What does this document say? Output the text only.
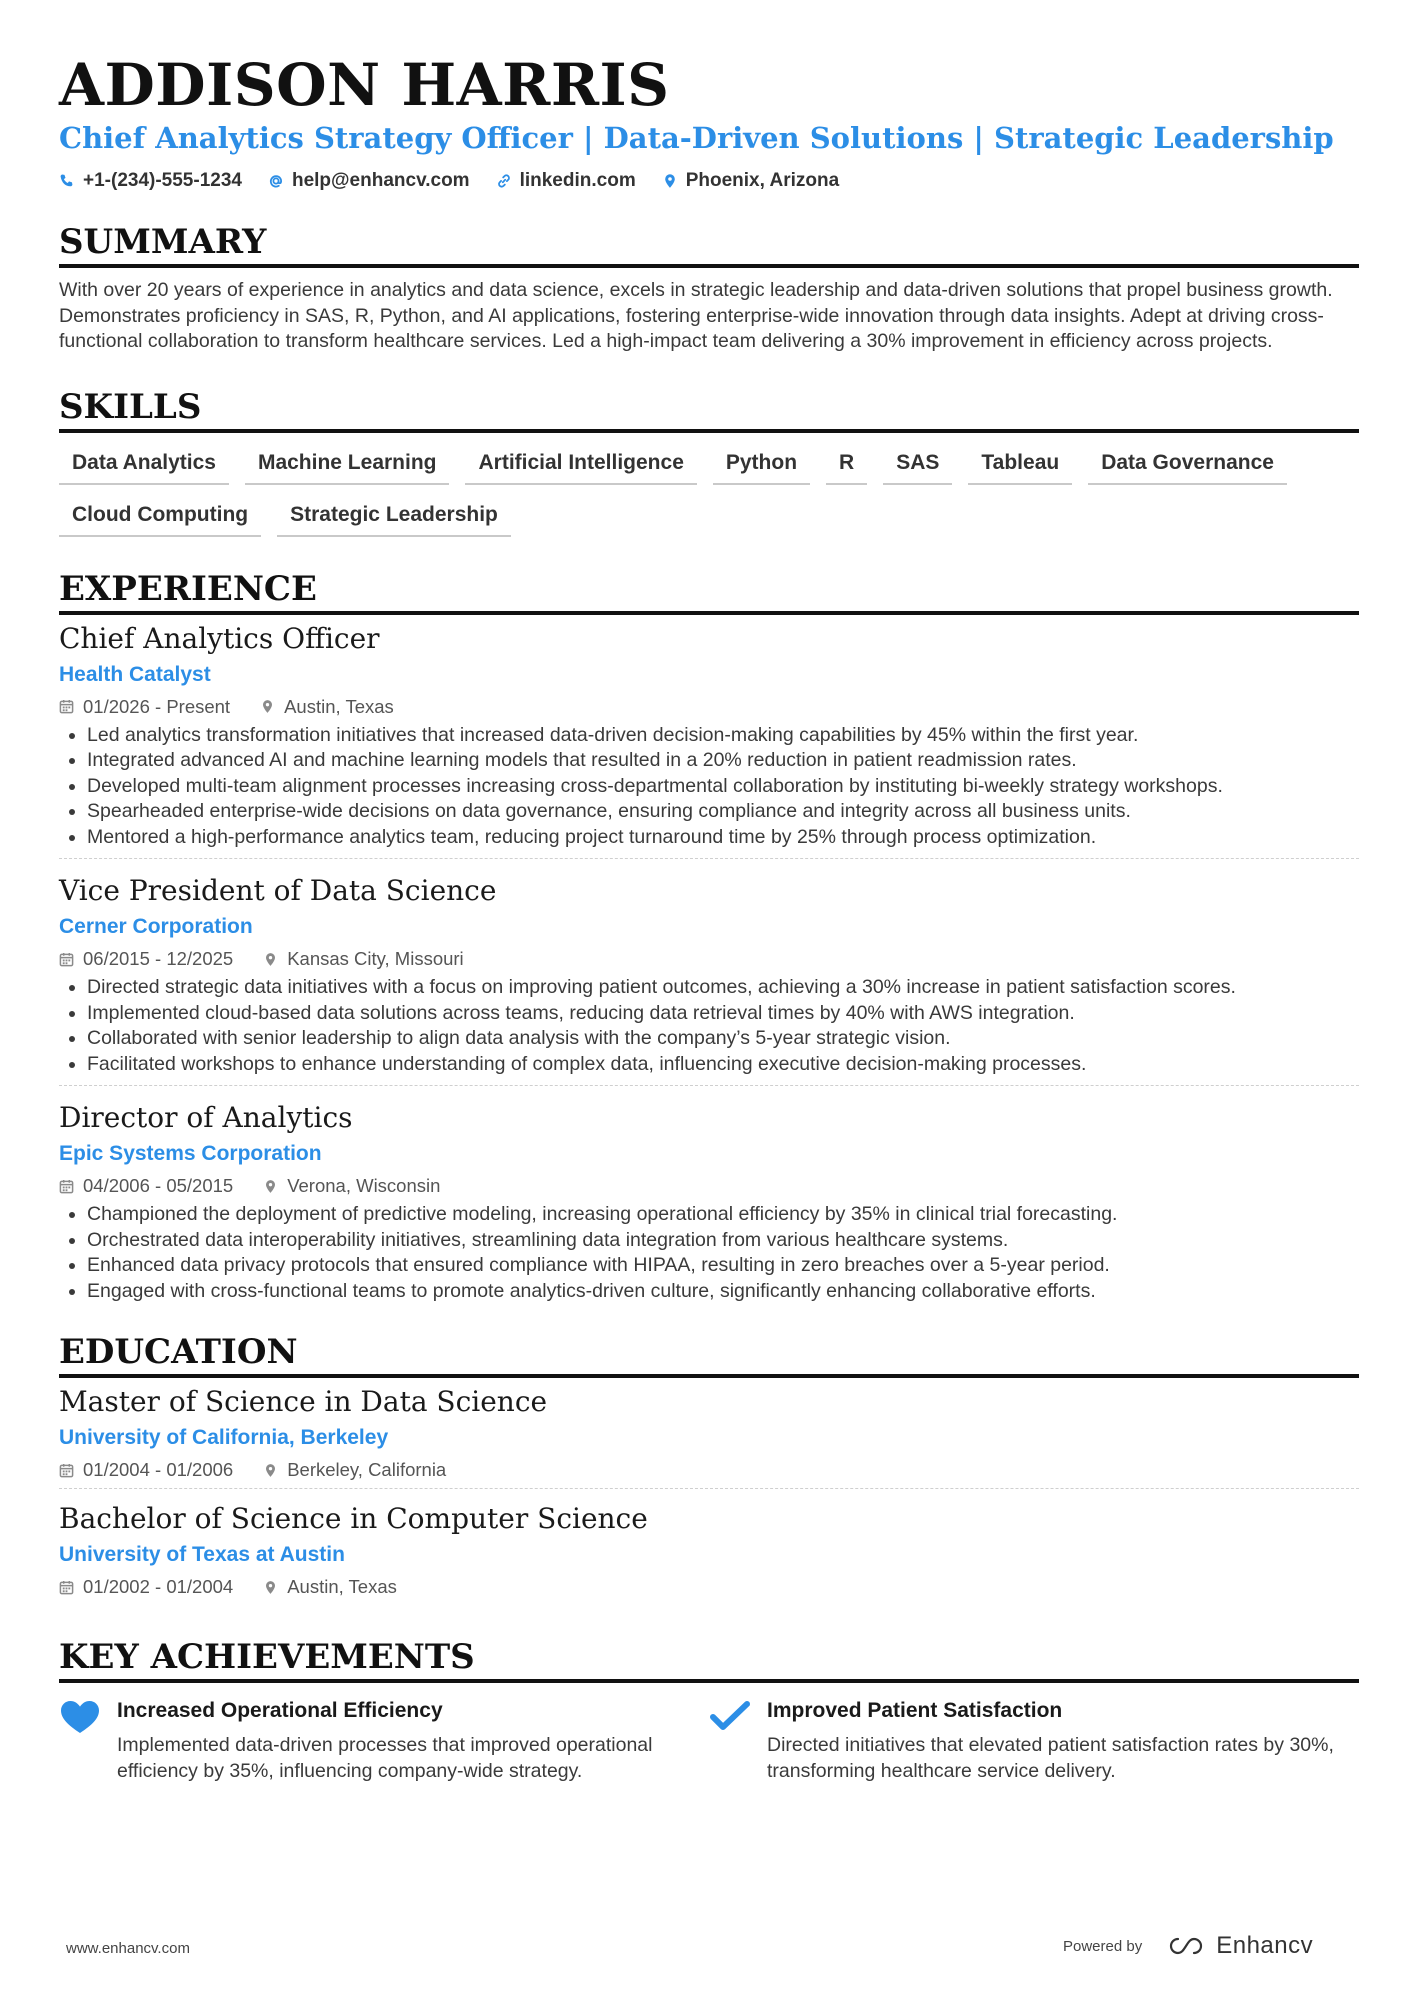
ADDISON HARRIS
Chief Analytics Strategy Officer | Data-Driven Solutions | Strategic Leadership
+1-(234)-555-1234	help@enhancv.com	linkedin.com	Phoenix, Arizona
SUMMARY
With over 20 years of experience in analytics and data science, excels in strategic leadership and data-driven solutions that propel business growth. Demonstrates proficiency in SAS, R, Python, and AI applications, fostering enterprise-wide innovation through data insights. Adept at driving cross-functional collaboration to transform healthcare services. Led a high-impact team delivering a 30% improvement in efficiency across projects.
SKILLS
Data Analytics	Machine Learning	Artificial Intelligence	Python	R	SAS	Tableau	Data Governance
Cloud Computing	Strategic Leadership
EXPERIENCE
Chief Analytics Officer
Health Catalyst
01/2026 - Present	Austin, Texas
• Led analytics transformation initiatives that increased data-driven decision-making capabilities by 45% within the first year.
• Integrated advanced AI and machine learning models that resulted in a 20% reduction in patient readmission rates.
• Developed multi-team alignment processes increasing cross-departmental collaboration by instituting bi-weekly strategy workshops.
• Spearheaded enterprise-wide decisions on data governance, ensuring compliance and integrity across all business units.
• Mentored a high-performance analytics team, reducing project turnaround time by 25% through process optimization.
Vice President of Data Science
Cerner Corporation
06/2015 - 12/2025	Kansas City, Missouri
• Directed strategic data initiatives with a focus on improving patient outcomes, achieving a 30% increase in patient satisfaction scores.
• Implemented cloud-based data solutions across teams, reducing data retrieval times by 40% with AWS integration.
• Collaborated with senior leadership to align data analysis with the company’s 5-year strategic vision.
• Facilitated workshops to enhance understanding of complex data, influencing executive decision-making processes.
Director of Analytics
Epic Systems Corporation
04/2006 - 05/2015	Verona, Wisconsin
• Championed the deployment of predictive modeling, increasing operational efficiency by 35% in clinical trial forecasting.
• Orchestrated data interoperability initiatives, streamlining data integration from various healthcare systems.
• Enhanced data privacy protocols that ensured compliance with HIPAA, resulting in zero breaches over a 5-year period.
• Engaged with cross-functional teams to promote analytics-driven culture, significantly enhancing collaborative efforts.
EDUCATION
Master of Science in Data Science
University of California, Berkeley
01/2004 - 01/2006	Berkeley, California
Bachelor of Science in Computer Science
University of Texas at Austin
01/2002 - 01/2004	Austin, Texas
KEY ACHIEVEMENTS
Increased Operational Efficiency
Implemented data-driven processes that improved operational efficiency by 35%, influencing company-wide strategy.
Improved Patient Satisfaction
Directed initiatives that elevated patient satisfaction rates by 30%, transforming healthcare service delivery.
www.enhancv.com	Powered by	Enhancv
